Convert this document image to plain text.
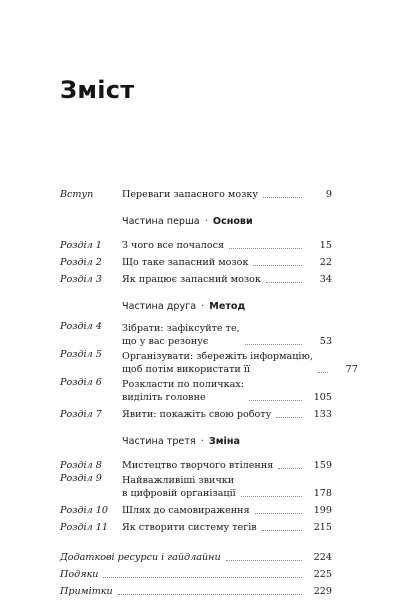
Зміст
Вступ	Переваги запасного мозку	9
Частина перша · Основи
Розділ 1	З чого все почалося	15
Розділ 2	Що таке запасний мозок	22
Розділ 3	Як працює запасний мозок	34
Частина друга · Метод
Розділ 4	Зібрати: зафіксуйте те,
що у вас резонує	53
Розділ 5	Організувати: збережіть інформацію,
щоб потім використати її	77
Розділ 6	Розкласти по поличках:
виділіть головне	105
Розділ 7	Явити: покажіть свою роботу	133
Частина третя · Зміна
Розділ 8	Мистецтво творчого втілення	159
Розділ 9	Найважливіші звички
в цифровій організації	178
Розділ 10	Шлях до самовираження	199
Розділ 11	Як створити систему тегів	215
Додаткові ресурси і гайдлайни	224
Подяки	225
Примітки	229
